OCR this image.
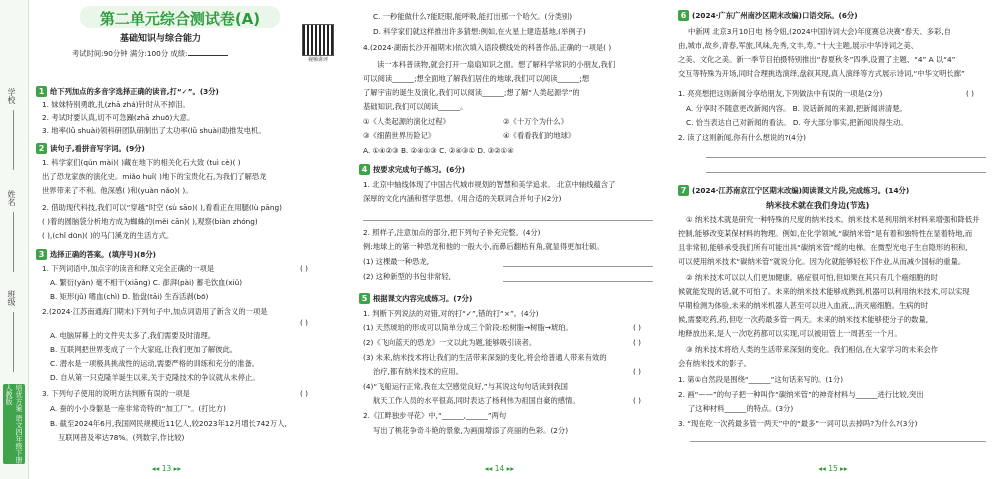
学校
姓名
班级
培优方案 语文四年级下册 人教版
第二单元综合测试卷(A)
基础知识与综合能力
考试时间:90分钟 满分:100分 成绩:
视频讲评
1 给下列加点的多音字选择正确的读音,打“✓”。(3分)
1. 妹妹特别勇敢,扎(zhā zhá)针时从不掉泪。
2. 考试时要认真,切不可急躁(zhā zhuō)大意。
3. 地率(lǜ shuài)领科研团队研制出了太功率(lǜ shuài)助推发电机。
2 读句子,看拼音写字词。(9分)
1. 科学家们(qún mài)( )藏在地下的相关化石大致 (tuì cè)( )
出了恐龙家族的演化史。miǎo huǐ( )地下的宝贵化石,为我们了解恐龙
世界带来了不利。他深感( )和(yuàn nǎo)( )。
2. 借助现代科技,我们可以“穿越”时空 (sù sāo)( ),看看正在用腿(lù pāng)
( )着的圆脑袋分析地方成为蜘蛛的(měi cān)( ),观察(biàn zhóng)
( ),(chǐ dūn)( )的马门溪龙的生活方式。
3 选择正确的答案。(填序号)(8分)
1. 下列词语中,加点字的读音和释义完全正确的一项是	( )
A. 繁衍(yǎn) 毫不相干(xiāng) C. 澎湃(pài) 蓄毛饮血(xiǔ)
B. 矩形(jǔ) 嗜血(chì) D. 胎盘(tāi) 生吞活剥(bō)
2.(2024·江苏南通海门期末)下列句子中,加点词语用了新含义的一项是
( )
A. 电脑屏幕上的文件夹太多了,我们需要及时清理。
B. 互联网把世界变成了一个大家庭,让我们更加了解彼此。
C. 潜水是一项极具挑战性的运动,需要严格的训练和充分的准备。
D. 自从第一只克隆羊诞生以来,关于克隆技术的争议就从未停止。
3. 下列句子使用的说明方法判断有误的一项是	( )
A. 蚕的小小身躯是一座非常奇特的“加工厂”。(打比方)
B. 截至2024年6月,我国网民规模近11亿人,较2023年12月增长742万人,
互联网普及率达78%。(列数字,作比较)
◂◂ 13 ▸▸
C. 一秒能做什么?能眨眼,能呼吸,能打出那一个哈欠。(分类别)
D. 科学家们就这样推出许多猜想:例如,在火星上建造基地,(举例子)
4.(2024·湖南长沙开福期末)依次填入语段横线处的科普作品,正确的一项是( )
读一本科普读物,就会打开一扇扇知识之窗。想了解科学常识的小朋友,我们
可以阅读______;想全面地了解我们居住的地球,我们可以阅读______;想
了解宇宙的诞生及演化,我们可以阅读______;想了解“人类起源学”的
基础知识,我们可以阅读______。
①《人类起源的演化过程》	②《十万个为什么》
③《细菌世界历险记》	④《看看我们的地球》
A. ①④②③ B. ②④①③ C. ②④③① D. ③②①④
4 按要求完成句子练习。(6分)
1. 北京中轴线体现了中国古代城市规划的智慧和美学追求。 北京中轴线蕴含了
深厚的文化内涵和哲学思想。(用合适的关联词合并句子)(2分)
2. 照样子,注意加点的部分,把下列句子补充完整。(4分)
例:地球上的第一种恐龙和他的一般大小,而鼻后翻枯有角,就显得更加壮硕。
(1) 这棵最一种恐龙,
(2) 这种新型的书包非常轻,
5 根据课文内容完成练习。(7分)
1. 判断下列说法的对错,对的打“✓”,错的打“×”。(4分)
(1) 天然琥珀的形成可以简单分成三个阶段:松树脂→树脂→琥珀。	( )
(2)《飞向蓝天的恐龙》一文以此为题,能够吸引读者。	( )
(3) 未来,纳米技术将让我们的生活带来深刻的变化,将会给普通人带来有效的
治疗,都有纳米技术的应用。	( )
(4)“飞船运行正常,我在太空感觉良好,”与其说这句句话读到我国
航天工作人员的水平很高,同时表达了杨利伟为祖国自豪的感情。	( )
2.《江畔独步寻花》中,“______,______”两句
写出了桃花争奇斗艳的景象,为画面增添了亮丽的色彩。(2分)
◂◂ 14 ▸▸
6 (2024·广东广州南沙区期末改编)口语交际。(6分)
中新网 北京3月10日电 杨令妞,(2024中国诗词大会)年度赛总决赛“春天、多彩,自
由,城市,故乡,青春,军旅,风味,先秀,文丰,寿。”十大主题,展示中华诗词之美、
之美、文化之美。新一季节目拍摄特别推出“春夏秋冬”四季,设置了主题、“4” A 以“4”
交互等特殊为开场,同时合理挑选演绎,盘叙其现,真人演绎等方式展示诗词,“中华文明长廊”
1. 亮亮想把这则新闻分享给朋友,下列做法中有误的一项是(2分)	( )
A. 分享时不随意更改新闻内容。 B. 说话新闻的来源,把新闻讲清楚。
C. 恰当表达自己对新闻的看法。 D. 夸大部分事实,把新闻说得生动。
2. 读了这则新闻,你有什么想说的?(4分)
7 (2024·江苏南京江宁区期末改编)阅读课文片段,完成练习。(14分)
纳米技术就在我们身边(节选)
① 纳米技术就是研究一种特殊的尺度的纳米技术。纳米技术是利用纳米材料来增强和降低并
控制,能够改变某保材料的物理。例如,在化学领域,“碳纳米管”是有着和独特性在显着特地,而
且非常韧,能够承受我们所有可能出具“碳纳米管”缆的电梯。在微型光电子生自隐形的积和,
可以使用纳米技术“碳纳米管”就说分化。因为化就能够轻松下作业,从而减少国标的重量。
② 纳米技术可以以人们更加健康。癌症很可怕,但如果在其只有几个癌细胞的时
候就能发现的话,就不可怕了。未来的纳米技术能够成熟到,机器可以利用纳米技术,可以实现
早期检测为体验,未来的纳米机器人甚至可以进入血液,,,消灭癌细胞。生病的时
候,需要吃药,药,但吃一次药最多管一两天。未来的纳米技术能够使分子的数量,
地释放出来,是人一次吃药都可以实现,可以被用管上一周甚至一个月。
③ 纳米技术将给人类的生活带来深刻的变化。我们相信,在大家学习的未来会作
会有纳米技术的影子。
1. 第①自然段是围绕“______”这句话来写的。(1分)
2. 画“——”的句子把一种叫作“碳纳米管”的神奇材料与______进行比较,突出
了这种材料______的特点。(3分)
3. “现在吃一次药最多管一两天”中的“最多”一词可以去掉吗?为什么?(3分)
◂◂ 15 ▸▸
